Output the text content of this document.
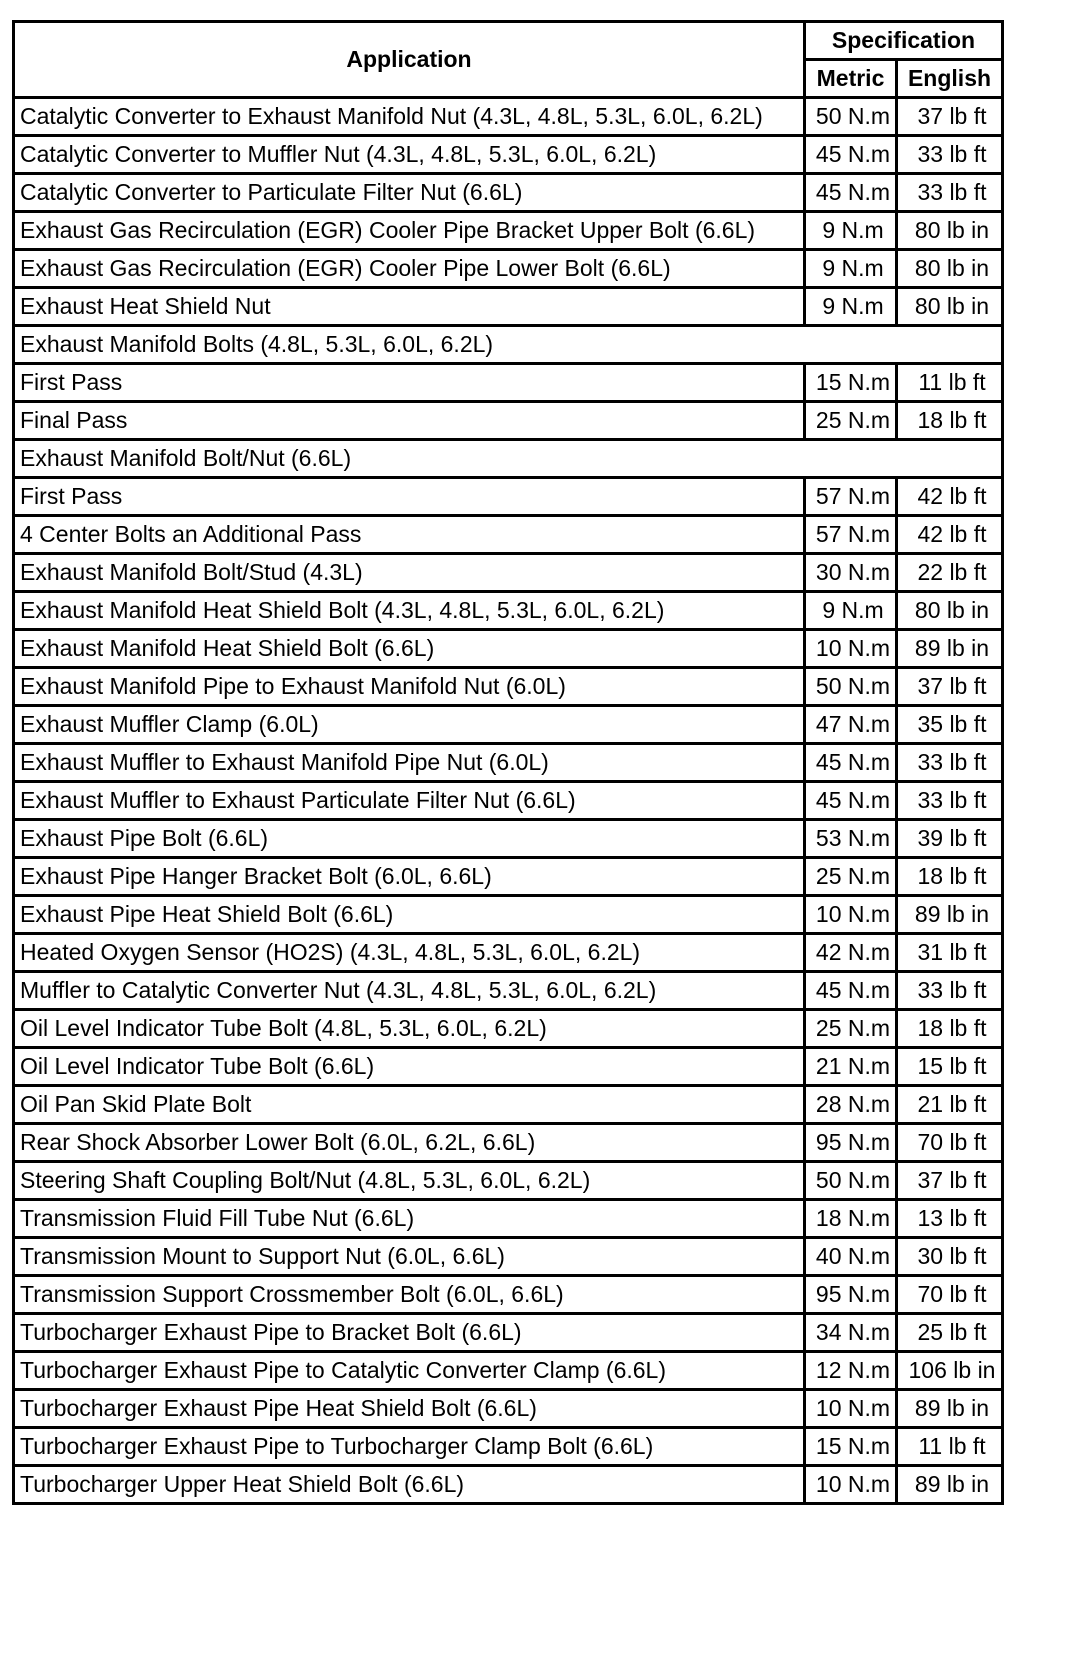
Application	Specification	
	Metric	English
Catalytic Converter to Exhaust Manifold Nut (4.3L, 4.8L, 5.3L, 6.0L, 6.2L)	50 N.m	37 lb ft
Catalytic Converter to Muffler Nut (4.3L, 4.8L, 5.3L, 6.0L, 6.2L)	45 N.m	33 lb ft
Catalytic Converter to Particulate Filter Nut (6.6L)	45 N.m	33 lb ft
Exhaust Gas Recirculation (EGR) Cooler Pipe Bracket Upper Bolt (6.6L)	9 N.m	80 lb in
Exhaust Gas Recirculation (EGR) Cooler Pipe Lower Bolt (6.6L)	9 N.m	80 lb in
Exhaust Heat Shield Nut	9 N.m	80 lb in
Exhaust Manifold Bolts (4.8L, 5.3L, 6.0L, 6.2L)		
First Pass	15 N.m	11 lb ft
Final Pass	25 N.m	18 lb ft
Exhaust Manifold Bolt/Nut (6.6L)		
First Pass	57 N.m	42 lb ft
4 Center Bolts an Additional Pass	57 N.m	42 lb ft
Exhaust Manifold Bolt/Stud (4.3L)	30 N.m	22 lb ft
Exhaust Manifold Heat Shield Bolt (4.3L, 4.8L, 5.3L, 6.0L, 6.2L)	9 N.m	80 lb in
Exhaust Manifold Heat Shield Bolt (6.6L)	10 N.m	89 lb in
Exhaust Manifold Pipe to Exhaust Manifold Nut (6.0L)	50 N.m	37 lb ft
Exhaust Muffler Clamp (6.0L)	47 N.m	35 lb ft
Exhaust Muffler to Exhaust Manifold Pipe Nut (6.0L)	45 N.m	33 lb ft
Exhaust Muffler to Exhaust Particulate Filter Nut (6.6L)	45 N.m	33 lb ft
Exhaust Pipe Bolt (6.6L)	53 N.m	39 lb ft
Exhaust Pipe Hanger Bracket Bolt (6.0L, 6.6L)	25 N.m	18 lb ft
Exhaust Pipe Heat Shield Bolt (6.6L)	10 N.m	89 lb in
Heated Oxygen Sensor (HO2S) (4.3L, 4.8L, 5.3L, 6.0L, 6.2L)	42 N.m	31 lb ft
Muffler to Catalytic Converter Nut (4.3L, 4.8L, 5.3L, 6.0L, 6.2L)	45 N.m	33 lb ft
Oil Level Indicator Tube Bolt (4.8L, 5.3L, 6.0L, 6.2L)	25 N.m	18 lb ft
Oil Level Indicator Tube Bolt (6.6L)	21 N.m	15 lb ft
Oil Pan Skid Plate Bolt	28 N.m	21 lb ft
Rear Shock Absorber Lower Bolt (6.0L, 6.2L, 6.6L)	95 N.m	70 lb ft
Steering Shaft Coupling Bolt/Nut (4.8L, 5.3L, 6.0L, 6.2L)	50 N.m	37 lb ft
Transmission Fluid Fill Tube Nut (6.6L)	18 N.m	13 lb ft
Transmission Mount to Support Nut (6.0L, 6.6L)	40 N.m	30 lb ft
Transmission Support Crossmember Bolt (6.0L, 6.6L)	95 N.m	70 lb ft
Turbocharger Exhaust Pipe to Bracket Bolt (6.6L)	34 N.m	25 lb ft
Turbocharger Exhaust Pipe to Catalytic Converter Clamp (6.6L)	12 N.m	106 lb in
Turbocharger Exhaust Pipe Heat Shield Bolt (6.6L)	10 N.m	89 lb in
Turbocharger Exhaust Pipe to Turbocharger Clamp Bolt (6.6L)	15 N.m	11 lb ft
Turbocharger Upper Heat Shield Bolt (6.6L)	10 N.m	89 lb in
